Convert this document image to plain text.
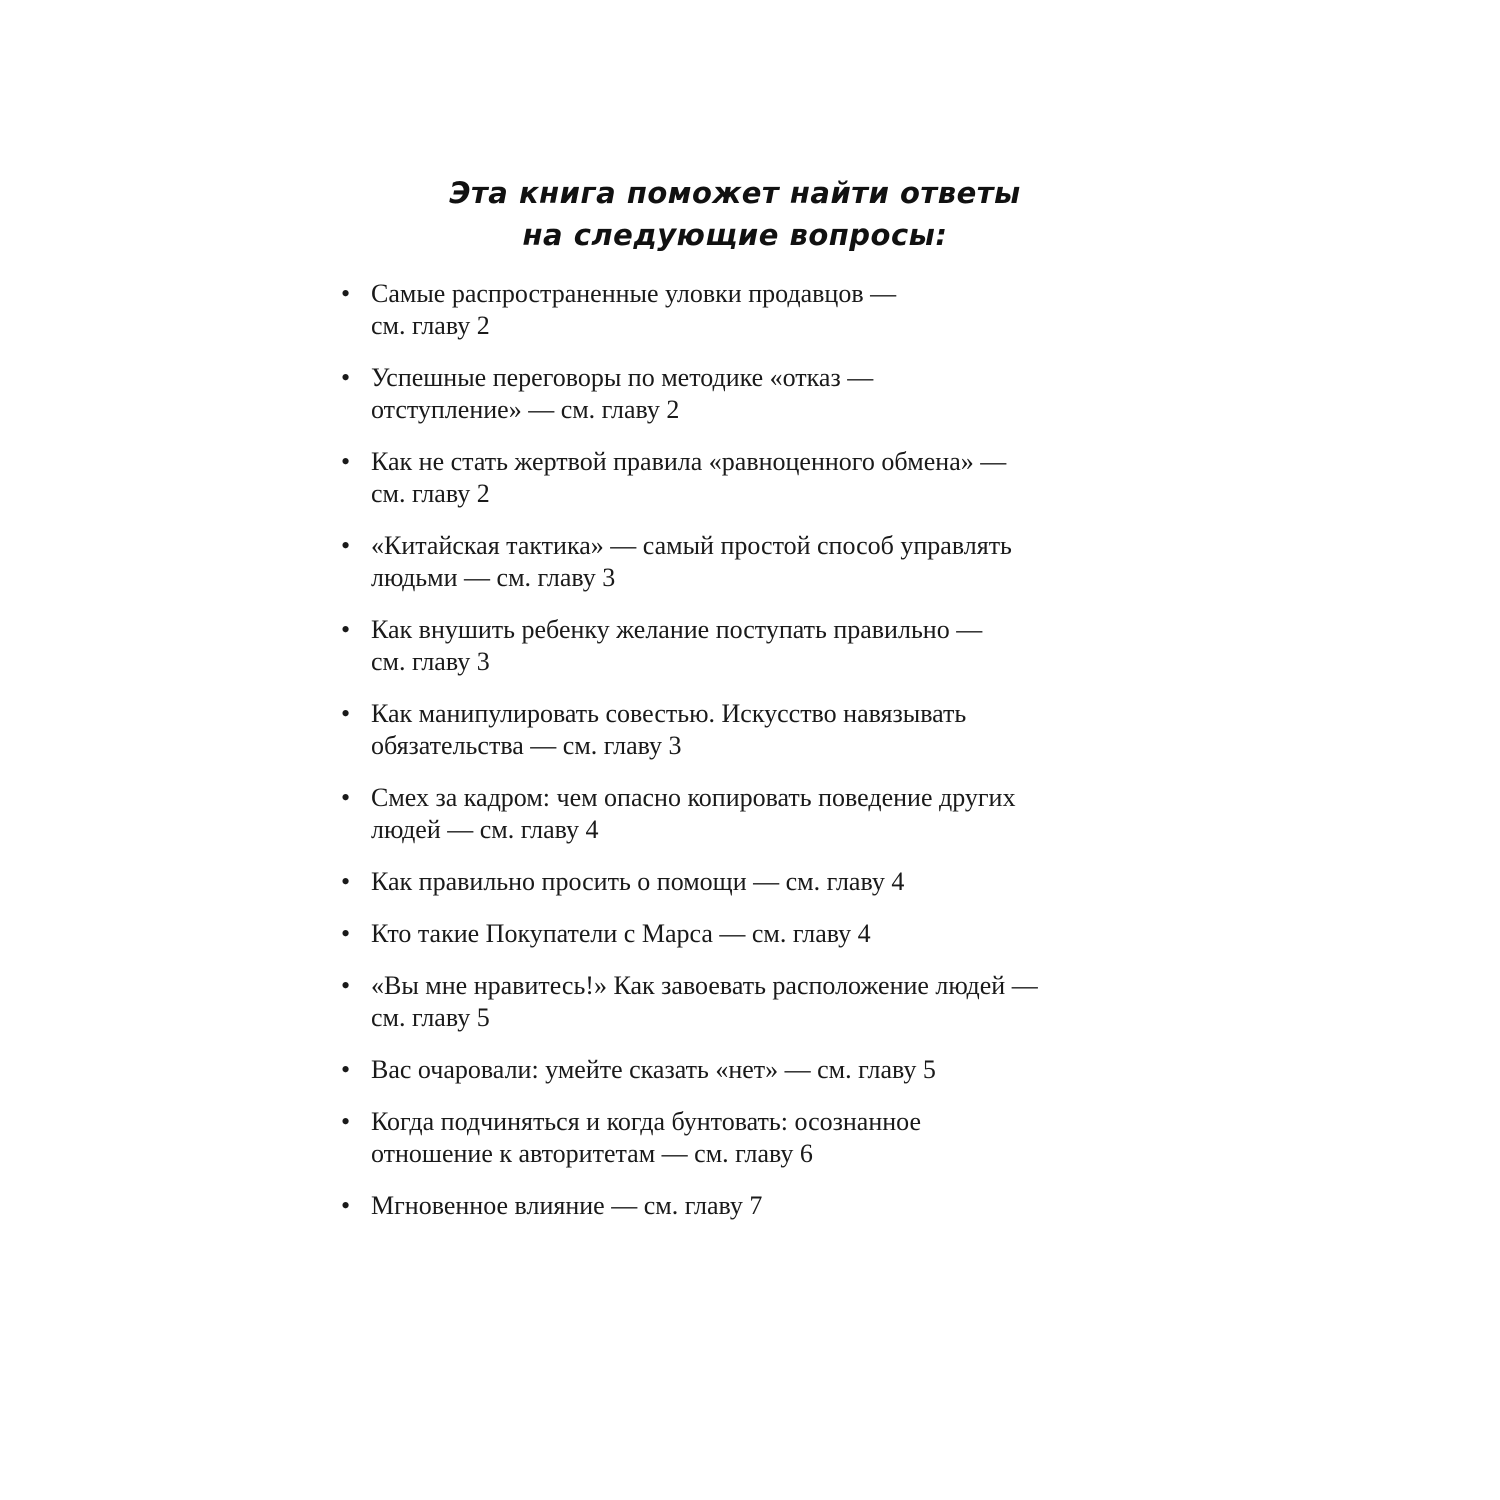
Эта книга поможет найти ответы
на следующие вопросы:
• Самые распространенные уловки продавцов —
см. главу 2
• Успешные переговоры по методике «отказ —
отступление» — см. главу 2
• Как не стать жертвой правила «равноценного обмена» —
см. главу 2
• «Китайская тактика» — самый простой способ управлять
людьми — см. главу 3
• Как внушить ребенку желание поступать правильно —
см. главу 3
• Как манипулировать совестью. Искусство навязывать
обязательства — см. главу 3
• Смех за кадром: чем опасно копировать поведение других
людей — см. главу 4
• Как правильно просить о помощи — см. главу 4
• Кто такие Покупатели с Марса — см. главу 4
• «Вы мне нравитесь!» Как завоевать расположение людей —
см. главу 5
• Вас очаровали: умейте сказать «нет» — см. главу 5
• Когда подчиняться и когда бунтовать: осознанное
отношение к авторитетам — см. главу 6
• Мгновенное влияние — см. главу 7
